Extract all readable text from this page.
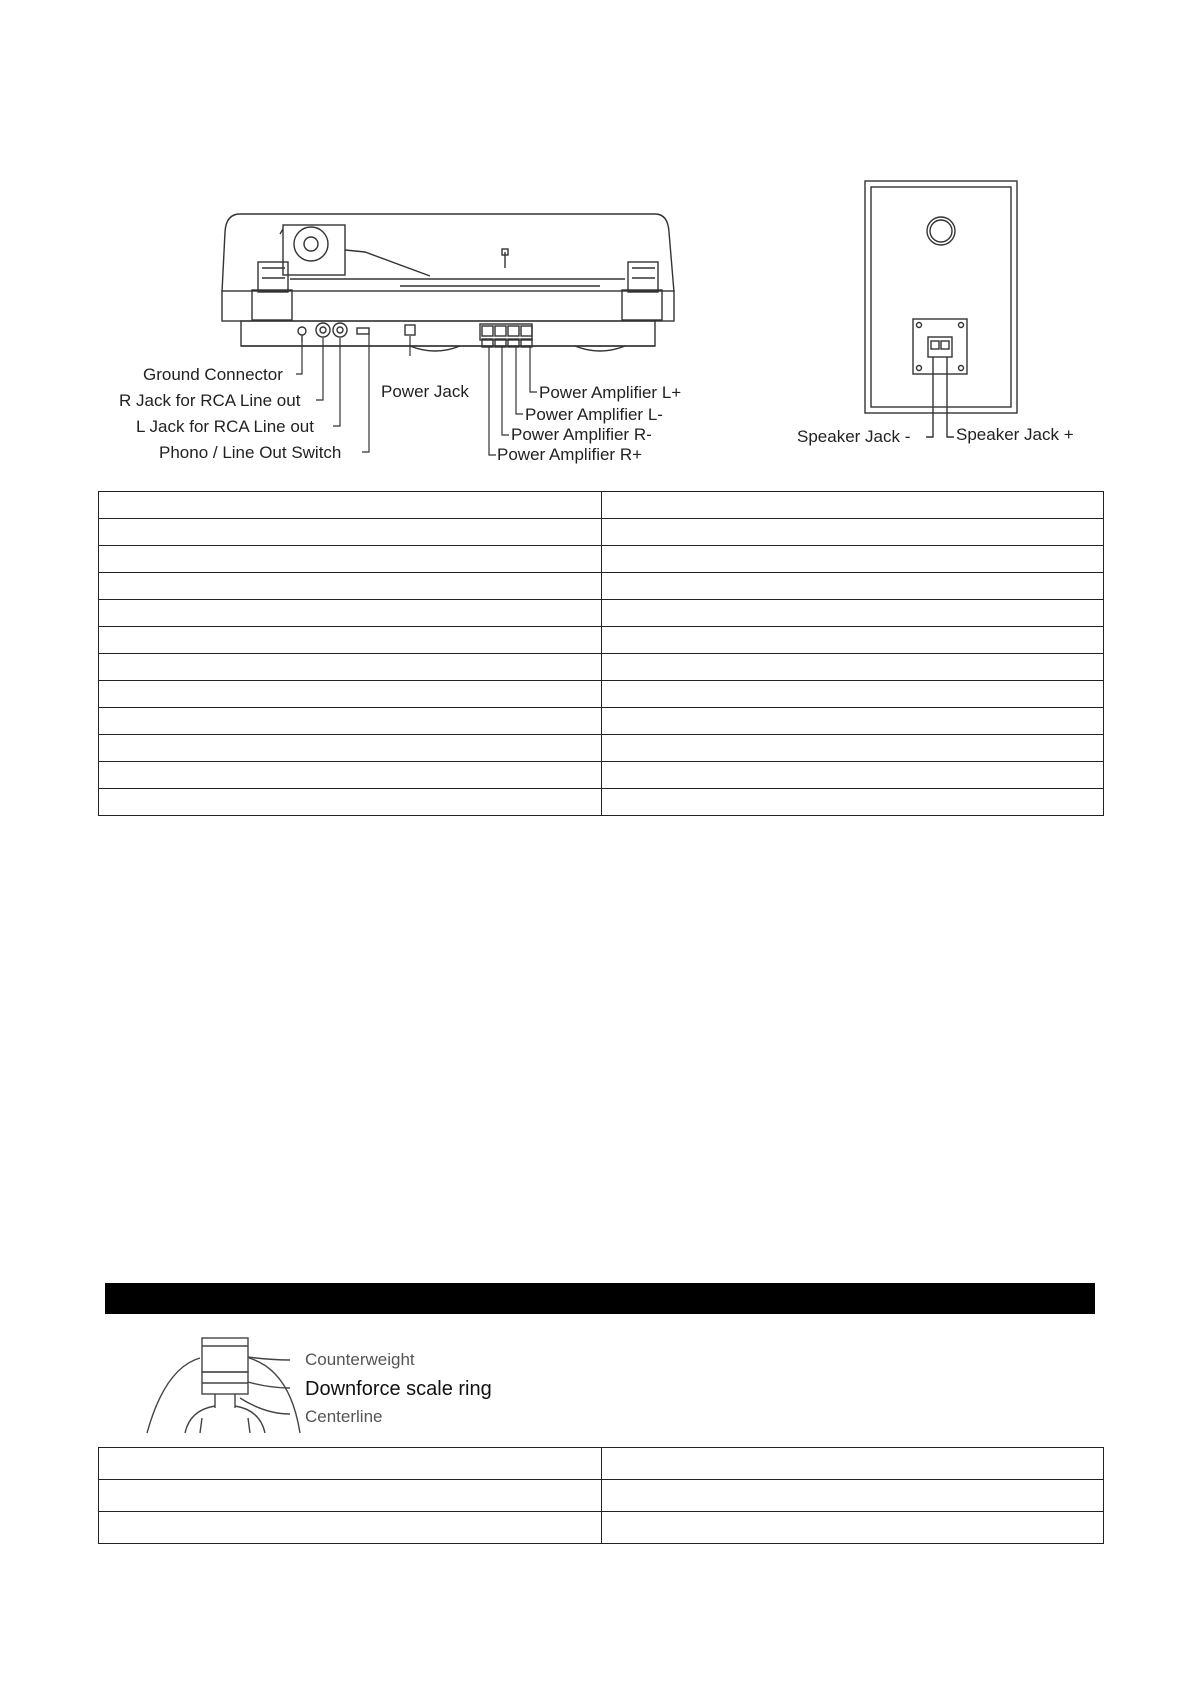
Ground Connector
R Jack for RCA Line out
L Jack for RCA Line out
Phono / Line Out Switch
Power Jack	Power Amplifier L+
Power Amplifier L-
Power Amplifier R-
Power Amplifier R+
Speaker Jack -	Speaker Jack +

Counterweight
Downforce scale ring
Centerline
